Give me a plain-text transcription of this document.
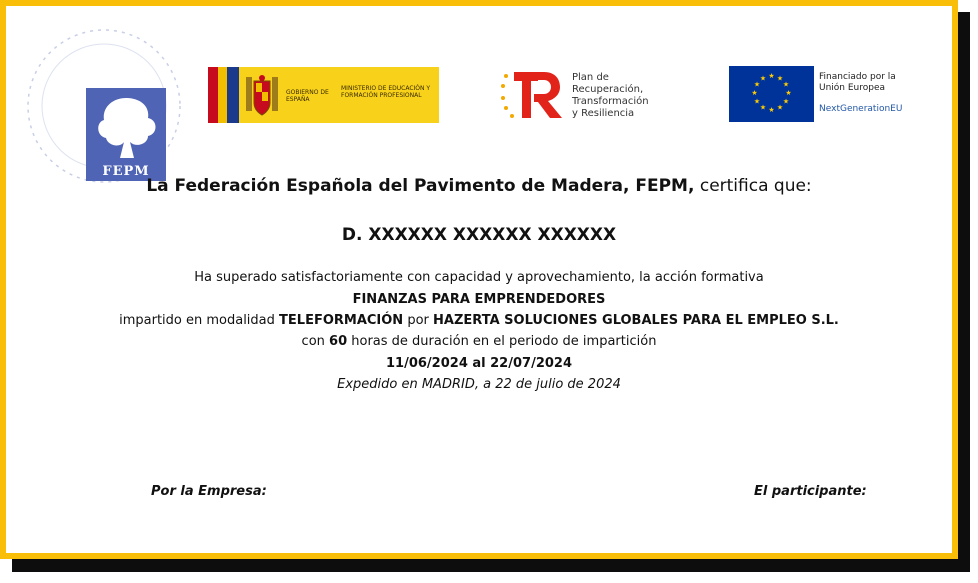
FEPM
GOBIERNO DE ESPAÑA
MINISTERIO DE EDUCACIÓN Y FORMACIÓN PROFESIONAL
Plan de
Recuperación,
Transformación
y Resiliencia
★ ★
★
★
★
★
★
★
★
★
★
★	Financiado por la
Unión Europea
NextGenerationEU
La Federación Española del Pavimento de Madera, FEPM, certifica que:
D. XXXXXX XXXXXX XXXXXX
Ha superado satisfactoriamente con capacidad y aprovechamiento, la acción formativa
FINANZAS PARA EMPRENDEDORES
impartido en modalidad TELEFORMACIÓN por HAZERTA SOLUCIONES GLOBALES PARA EL EMPLEO S.L.
con 60 horas de duración en el periodo de impartición
11/06/2024 al 22/07/2024
Expedido en MADRID, a 22 de julio de 2024
Por la Empresa:	El participante:
